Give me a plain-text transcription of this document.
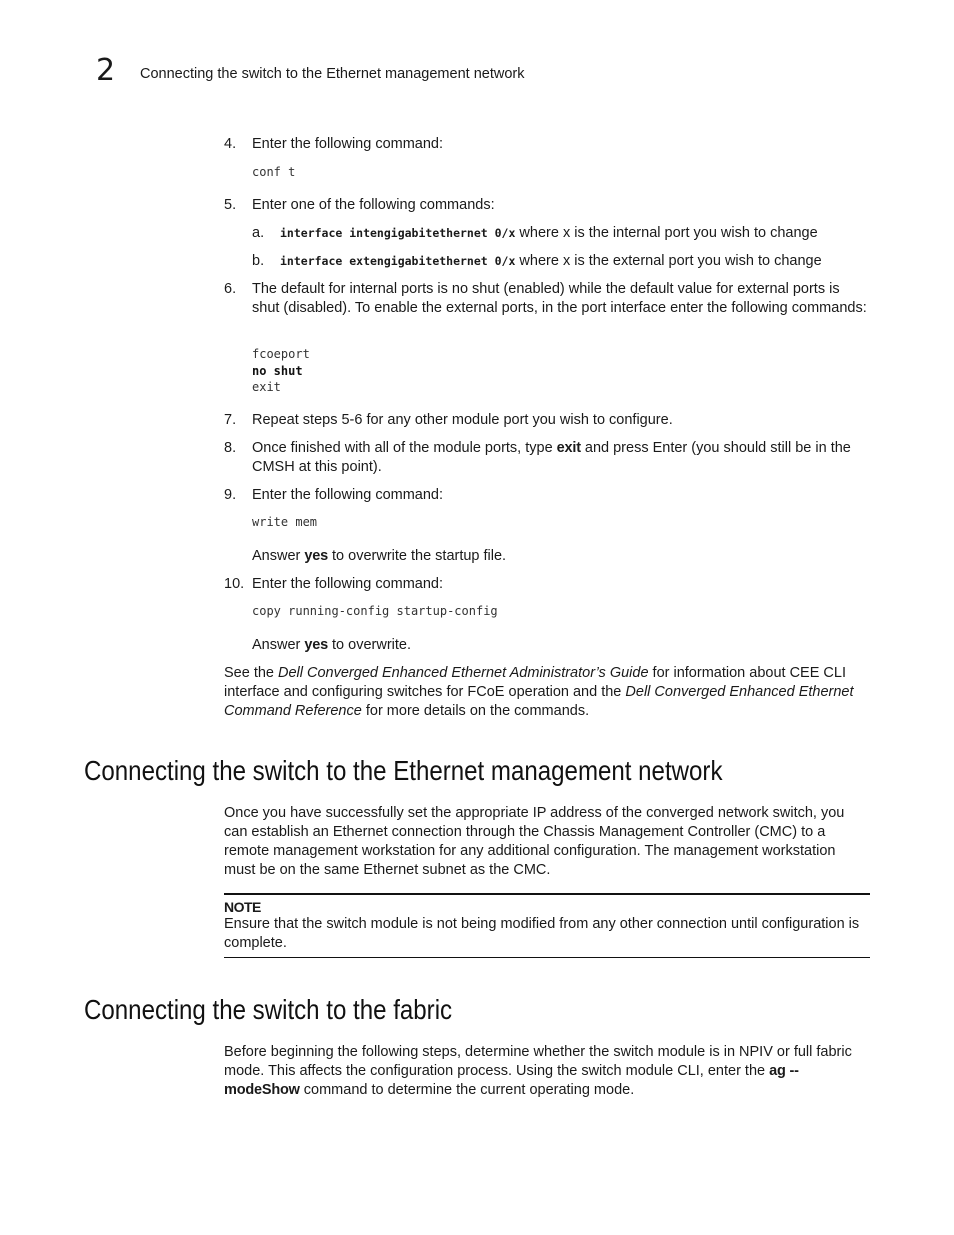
2 Connecting the switch to the Ethernet management network
4. Enter the following command:
conf t
5. Enter one of the following commands:
a. interface intengigabitethernet 0/x where x is the internal port you wish to change
b. interface extengigabitethernet 0/x where x is the external port you wish to change
6. The default for internal ports is no shut (enabled) while the default value for external ports is shut (disabled). To enable the external ports, in the port interface enter the following commands:
fcoeport
no shut
exit
7. Repeat steps 5-6 for any other module port you wish to configure.
8. Once finished with all of the module ports, type exit and press Enter (you should still be in the CMSH at this point).
9. Enter the following command:
write mem
Answer yes to overwrite the startup file.
10. Enter the following command:
copy running-config startup-config
Answer yes to overwrite.
See the Dell Converged Enhanced Ethernet Administrator’s Guide for information about CEE CLI interface and configuring switches for FCoE operation and the Dell Converged Enhanced Ethernet Command Reference for more details on the commands.
Connecting the switch to the Ethernet management network
Once you have successfully set the appropriate IP address of the converged network switch, you can establish an Ethernet connection through the Chassis Management Controller (CMC) to a remote management workstation for any additional configuration. The management workstation must be on the same Ethernet subnet as the CMC.
NOTE
Ensure that the switch module is not being modified from any other connection until configuration is complete.
Connecting the switch to the fabric
Before beginning the following steps, determine whether the switch module is in NPIV or full fabric mode. This affects the configuration process. Using the switch module CLI, enter the ag --modeShow command to determine the current operating mode.
